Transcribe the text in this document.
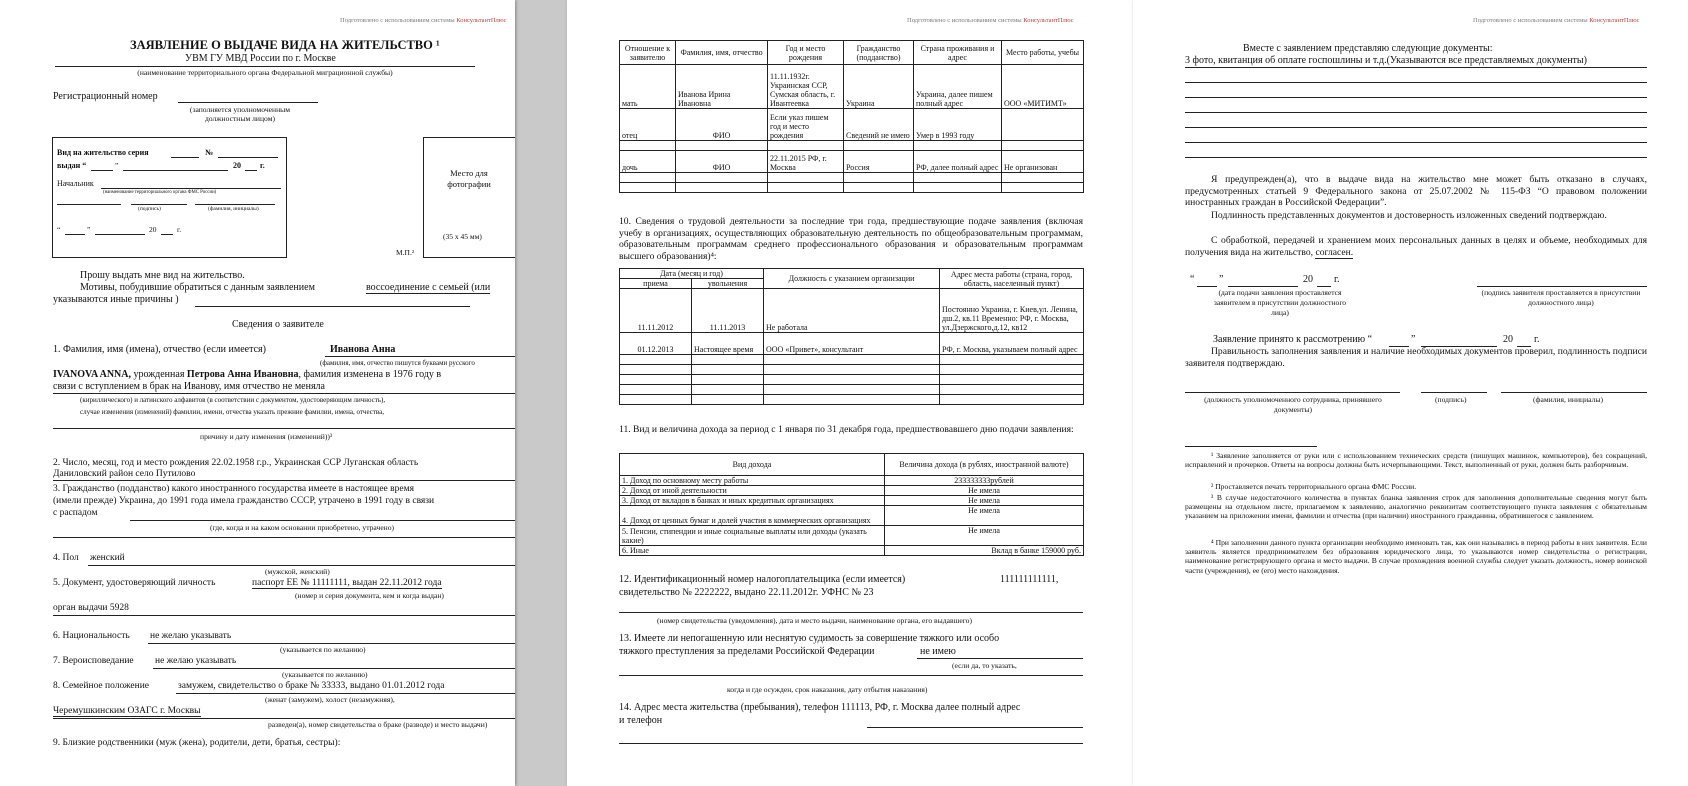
Подготовлено с использованием системы КонсультантПлюс
ЗАЯВЛЕНИЕ О ВЫДАЧЕ ВИДА НА ЖИТЕЛЬСТВО ¹
УВМ ГУ МВД России по г. Москве
(наименование территориального органа Федеральной миграционной службы)
Регистрационный номер
(заполняется уполномоченным должностным лицом)
Вид на жительство серия	№
выдан “	”	20 г.
Начальник
(наименование территориального органа ФМС России)
(подпись)	(фамилия, инициалы)
“	”	20	г.
Место для фотографии
(35 х 45 мм)
М.П.²
Прошу выдать мне вид на жительство.
Мотивы, побудившие обратиться с данным заявлением	воссоединение с семьей (или
указываются иные причины )
Сведения о заявителе
1. Фамилия, имя (имена), отчество (если имеется)	Иванова Анна
(фамилия, имя, отчество пишутся буквами русского
IVANOVA ANNA, урожденная Петрова Анна Ивановна, фамилия изменена в 1976 году в
связи с вступлением в брак на Иванову, имя отчество не меняла
(кириллического) и латинского алфавитов (в соответствии с документом, удостоверяющим личность),
случае изменения (изменений) фамилии, имени, отчества указать прежние фамилии, имена, отчества,
причину и дату изменения (изменений))³
2. Число, месяц, год и место рождения 22.02.1958 г.р., Украинская ССР Луганская область
Даниловский район село Путилово
3. Гражданство (подданство) какого иностранного государства имеете в настоящее время
(имели прежде) Украина, до 1991 года имела гражданство СССР, утрачено в 1991 году в связи
с распадом
(где, когда и на каком основании приобретено, утрачено)
4. Пол женский
(мужской, женский)
5. Документ, удостоверяющий личность	паспорт ЕЕ № 11111111, выдан 22.11.2012 года
(номер и серия документа, кем и когда выдан)
орган выдачи 5928
6. Национальность не желаю указывать
(указывается по желанию)
7. Вероисповедание не желаю указывать
(указывается по желанию)
8. Семейное положение	замужем, свидетельство о браке № 33333, выдано 01.01.2012 года
(женат (замужем), холост (незамужняя),
Черемушкинским ОЗАГС г. Москвы
разведен(а), номер свидетельства о браке (разводе) и место выдачи)
9. Близкие родственники (муж (жена), родители, дети, братья, сестры):
Подготовлено с использованием системы КонсультантПлюс
Отношение к заявителю	Фамилия, имя, отчество	Год и место рождения	Гражданство (подданство)	Страна проживания и адрес	Место работы, учебы
мать	Иванова Ирина Ивановна	11.11.1932г. Украинская ССР, Сумская область, г. Ивантеевка	Украина	Украина, далее пишем полный адрес	ООО «МИТИМТ»
отец	ФИО	Если указ пишем год и место рождения	Сведений не имею	Умер в 1993 году	

дочь	ФИО	22.11.2015 РФ, г. Москва	Россия	РФ, далее полный адрес	Не организован

10. Сведения о трудовой деятельности за последние три года, предшествующие подаче заявления (включая учебу в организациях, осуществляющих образовательную деятельность по общеобразовательным программам, образовательным программам среднего профессионального образования и образовательным программам высшего образования)⁴:
Дата (месяц и год)		Должность с указанием организации	Адрес места работы (страна, город, область, населенный пункт)
приема	увольнения		
11.11.2012	11.11.2013	Не работала	Постоянно Украина, г. Киев,ул. Ленина, дш.2, кв.11 Временно: РФ, г. Москва, ул.Дзержского,д.12, кв12
01.12.2013	Настоящее время	ООО «Привет», консультант	РФ, г. Москва, указываем полный адрес

11. Вид и величина дохода за период с 1 января по 31 декабря года, предшествовавшего дню подачи заявления:
Вид дохода	Величина дохода (в рублях, иностранной валюте)
1. Доход по основному месту работы	233333333рублей
2. Доход от иной деятельности	Не имела
3. Доход от вкладов в банках и иных кредитных организациях	Не имела
4. Доход от ценных бумаг и долей участия в коммерческих организациях	Не имела
5. Пенсии, стипендии и иные социальные выплаты или доходы (указать какие)	Не имела
6. Иные	Вклад в банке 159000 руб.
12. Идентификационный номер налогоплательщика (если имеется)	111111111111,
свидетельство № 2222222, выдано 22.11.2012г. УФНС № 23
(номер свидетельства (уведомления), дата и место выдачи, наименование органа, его выдавшего)
13. Имеете ли непогашенную или неснятую судимость за совершение тяжкого или особо
тяжкого преступления за пределами Российской Федерации	не имею
(если да, то указать,
когда и где осужден, срок наказания, дату отбытия наказания)
14. Адрес места жительства (пребывания), телефон 111113, РФ, г. Москва далее полный адрес
и телефон
Подготовлено с использованием системы КонсультантПлюс
Вместе с заявлением представляю следующие документы:
3 фото, квитанция об оплате госпошлины и т.д.(Указываются все представляемых документы)
Я предупрежден(а), что в выдаче вида на жительство мне может быть отказано в случаях, предусмотренных статьей 9 Федерального закона от 25.07.2002 № 115-ФЗ “О правовом положении иностранных граждан в Российской Федерации”.
Подлинность представленных документов и достоверность изложенных сведений подтверждаю.
С обработкой, передачей и хранением моих персональных данных в целях и объеме, необходимых для получения вида на жительство, согласен.
“ ”	20 г.
(дата подачи заявления проставляется заявителем в присутствии должностного лица)
(подпись заявителя проставляется в присутствии должностного лица)
Заявление принято к рассмотрению “	”	20 г.
Правильность заполнения заявления и наличие необходимых документов проверил, подлинность подписи заявителя подтверждаю.
(должность уполномоченного сотрудника, принявшего документы)
(подпись)	(фамилия, инициалы)
¹ Заявление заполняется от руки или с использованием технических средств (пишущих машинок, компьютеров), без сокращений, исправлений и прочерков. Ответы на вопросы должны быть исчерпывающими. Текст, выполненный от руки, должен быть разборчивым.
² Проставляется печать территориального органа ФМС России.
³ В случае недостаточного количества в пунктах бланка заявления строк для заполнения дополнительные сведения могут быть размещены на отдельном листе, прилагаемом к заявлению, аналогично реквизитам соответствующего пункта заявления с обязательным указанием на приложении имени, фамилии и отчества (при наличии) иностранного гражданина, обратившегося с заявлением.
⁴ При заполнении данного пункта организации необходимо именовать так, как они назывались в период работы в них заявителя. Если заявитель является предпринимателем без образования юридического лица, то указываются номер свидетельства о регистрации, наименование регистрирующего органа и место выдачи. В случае прохождения военной службы следует указать должность, номер воинской части (учреждения), ее (его) место нахождения.
